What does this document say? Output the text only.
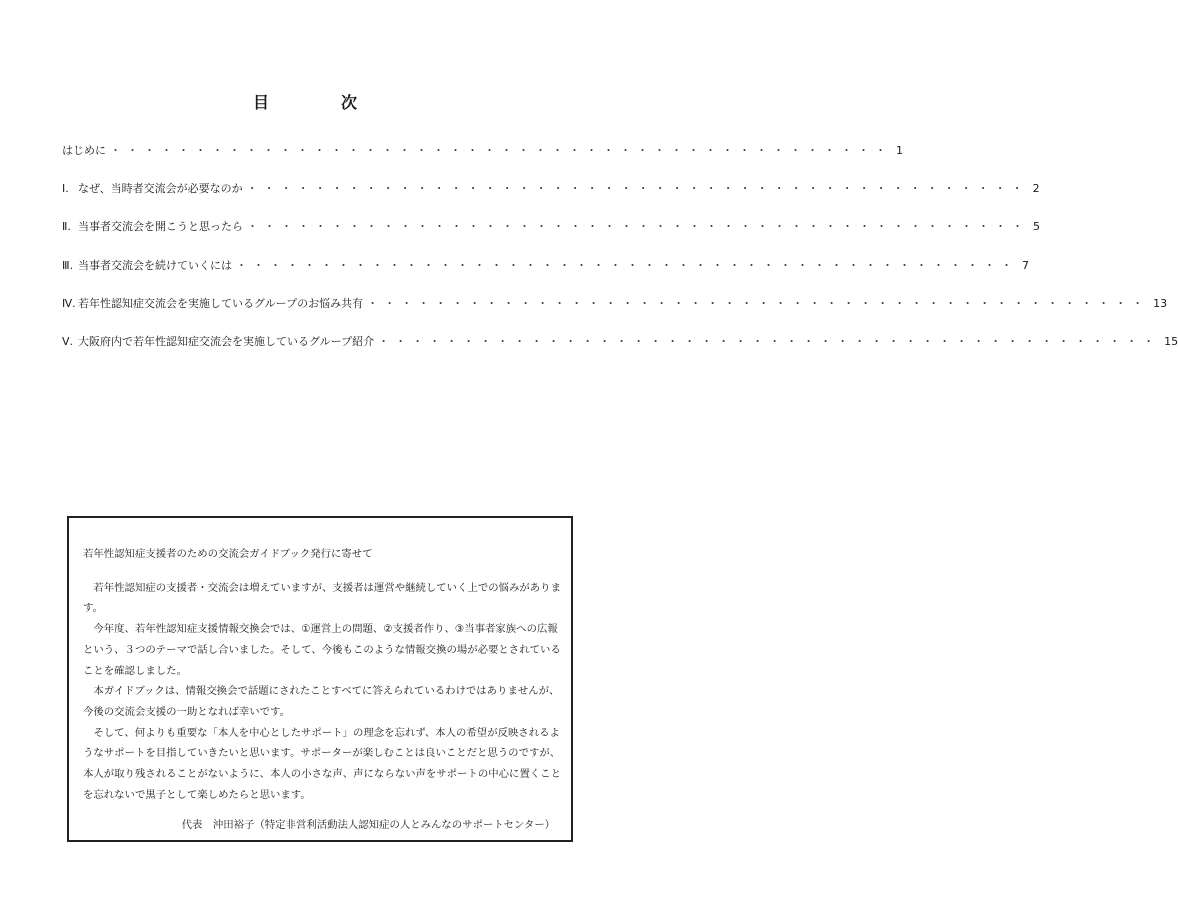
目　次
はじめに ・・・・・・・・・・・・・・・・・・・・・・・・・・・・・・・・・・・・・・・・・・・・・・ 1
Ⅰ. なぜ、当時者交流会が必要なのか ・・・・・・・・・・・・・・・・・・・・・・・・・・・・・・・・・・・・・・・・・・・・・・ 2
Ⅱ. 当事者交流会を開こうと思ったら ・・・・・・・・・・・・・・・・・・・・・・・・・・・・・・・・・・・・・・・・・・・・・・ 5
Ⅲ. 当事者交流会を続けていくには ・・・・・・・・・・・・・・・・・・・・・・・・・・・・・・・・・・・・・・・・・・・・・・ 7
Ⅳ. 若年性認知症交流会を実施しているグループのお悩み共有 ・・・・・・・・・・・・・・・・・・・・・・・・・・・・・・・・・・・・・・・・・・・・・・ 13
Ⅴ. 大阪府内で若年性認知症交流会を実施しているグループ紹介 ・・・・・・・・・・・・・・・・・・・・・・・・・・・・・・・・・・・・・・・・・・・・・・ 15

若年性認知症支援者のための交流会ガイドブック発行に寄せて

若年性認知症の支援者・交流会は増えていますが、支援者は運営や継続していく上での悩みがあります。

今年度、若年性認知症支援情報交換会では、①運営上の問題、②支援者作り、③当事者家族への広報という、３つのテーマで話し合いました。そして、今後もこのような情報交換の場が必要とされていることを確認しました。

本ガイドブックは、情報交換会で話題にされたことすべてに答えられているわけではありませんが、今後の交流会支援の一助となれば幸いです。

そして、何よりも重要な「本人を中心としたサポート」の理念を忘れず、本人の希望が反映されるようなサポートを目指していきたいと思います。サポーターが楽しむことは良いことだと思うのですが、本人が取り残されることがないように、本人の小さな声、声にならない声をサポートの中心に置くことを忘れないで黒子として楽しめたらと思います。

代表　沖田裕子（特定非営利活動法人認知症の人とみんなのサポートセンター）
